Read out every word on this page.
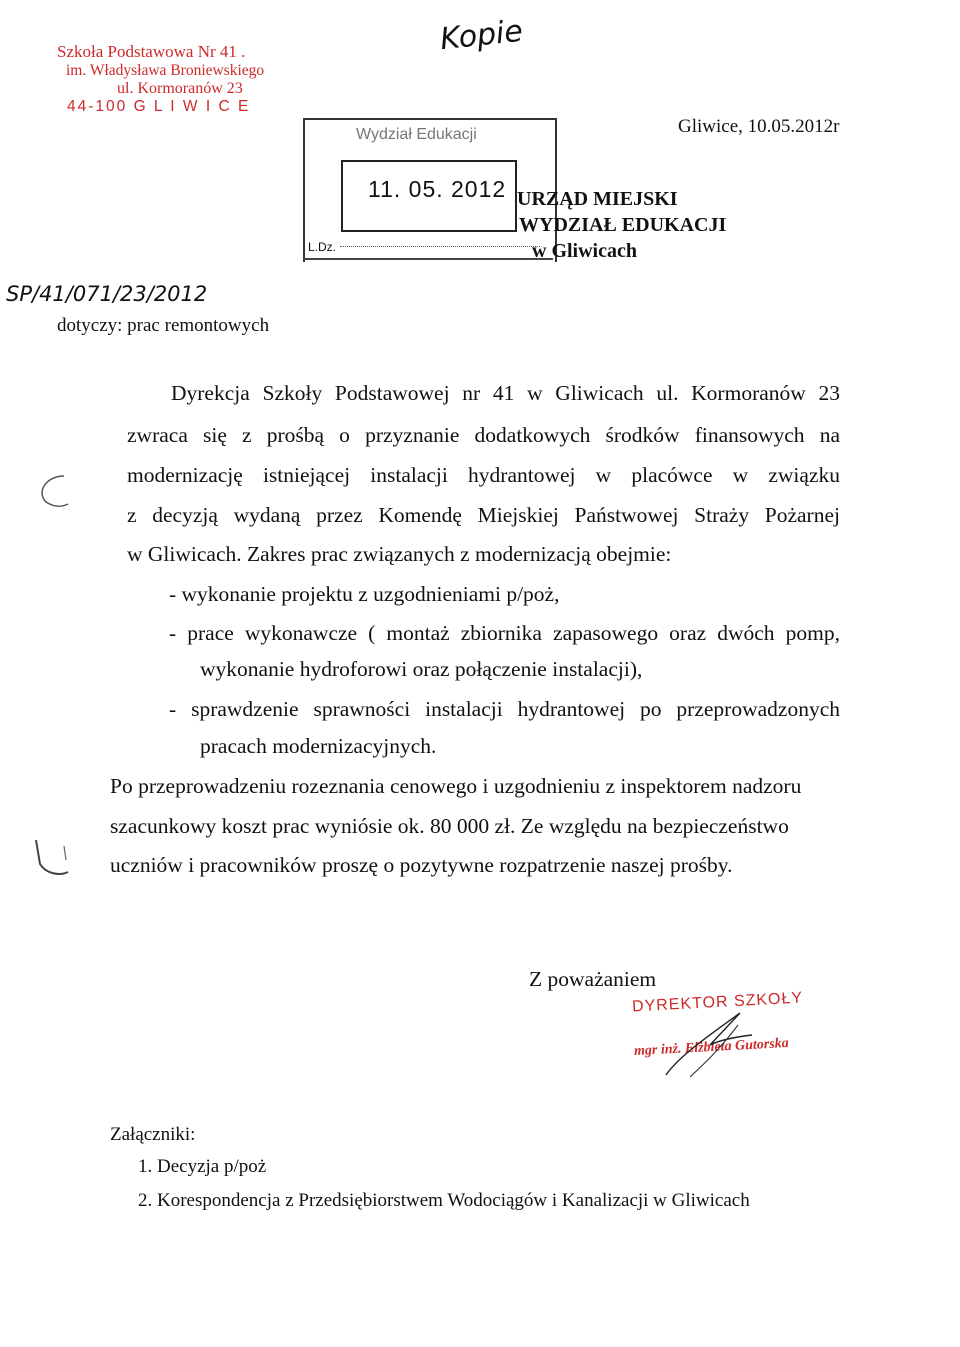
Szkoła Podstawowa Nr 41 .
im. Władysława Broniewskiego
ul. Kormoranów 23
44-100 G L I W I C E
Kopie
Gliwice, 10.05.2012r
Wydział Edukacji
11. 05. 2012
L.Dz.
URZĄD MIEJSKI
WYDZIAŁ EDUKACJI
w Gliwicach
SP/41/071/23/2012
dotyczy: prac remontowych
Dyrekcja Szkoły Podstawowej nr 41 w Gliwicach ul. Kormoranów 23
zwraca się z prośbą o przyznanie dodatkowych środków finansowych na
modernizację istniejącej instalacji hydrantowej w placówce w związku
z decyzją wydaną przez Komendę Miejskiej Państwowej Straży Pożarnej
w Gliwicach. Zakres prac związanych z modernizacją obejmie:
- wykonanie projektu z uzgodnieniami p/poż,
- prace wykonawcze ( montaż zbiornika zapasowego oraz dwóch pomp,
wykonanie hydroforowi oraz połączenie instalacji),
- sprawdzenie sprawności instalacji hydrantowej po przeprowadzonych
pracach modernizacyjnych.
Po przeprowadzeniu rozeznania cenowego i uzgodnieniu z inspektorem nadzoru
szacunkowy koszt prac wyniósie ok. 80 000 zł. Ze względu na bezpieczeństwo
uczniów i pracowników proszę o pozytywne rozpatrzenie naszej prośby.
Z poważaniem
DYREKTOR SZKOŁY
mgr inż. Elżbieta Gutorska
Załączniki:
1. Decyzja p/poż
2. Korespondencja z Przedsiębiorstwem Wodociągów i Kanalizacji w Gliwicach
